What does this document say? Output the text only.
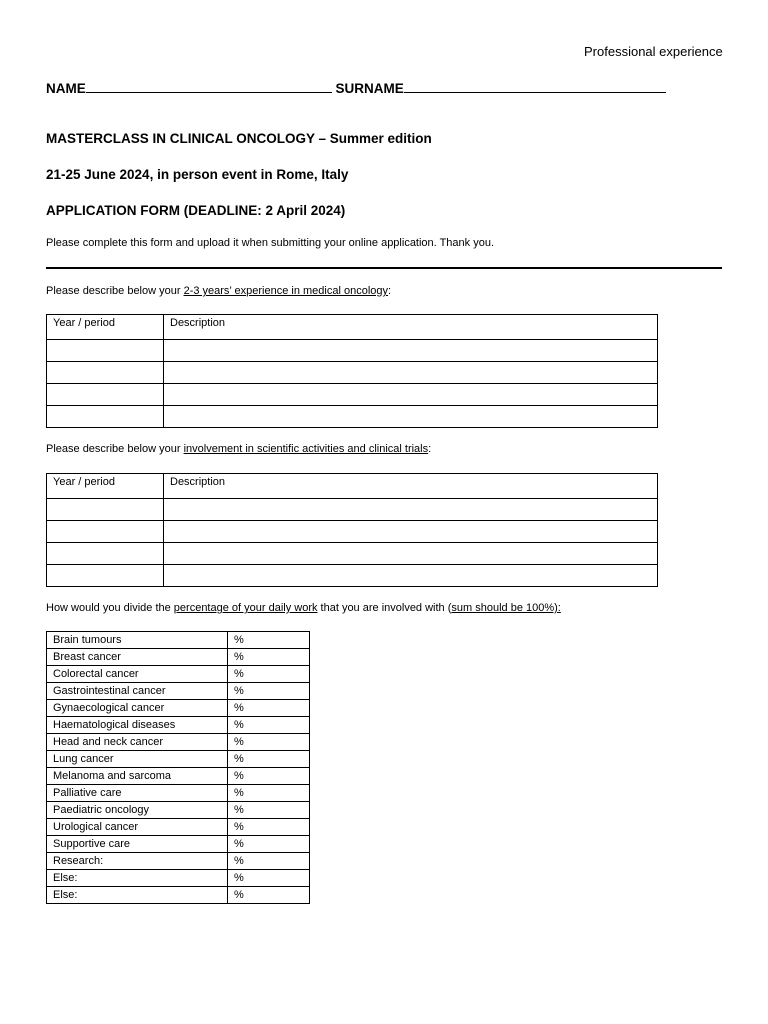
Professional experience
NAME	SURNAME
MASTERCLASS IN CLINICAL ONCOLOGY – Summer edition
21-25 June 2024, in person event in Rome, Italy
APPLICATION FORM (DEADLINE: 2 April 2024)
Please complete this form and upload it when submitting your online application. Thank you.
Please describe below your 2-3 years’ experience in medical oncology:
Year / period	Description

Please describe below your involvement in scientific activities and clinical trials:
Year / period	Description

How would you divide the percentage of your daily work that you are involved with (sum should be 100%):
Brain tumours	%
Breast cancer	%
Colorectal cancer	%
Gastrointestinal cancer	%
Gynaecological cancer	%
Haematological diseases	%
Head and neck cancer	%
Lung cancer	%
Melanoma and sarcoma	%
Palliative care	%
Paediatric oncology	%
Urological cancer	%
Supportive care	%
Research:	%
Else:	%
Else:	%
